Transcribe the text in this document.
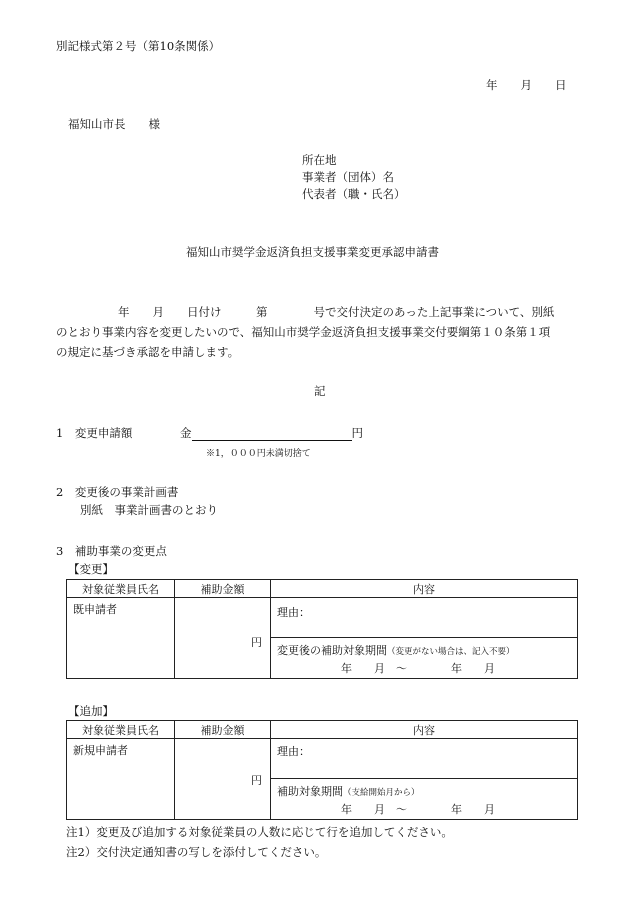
別記様式第２号（第10条関係）
年　　月　　日
福知山市長　　様
所在地
事業者（団体）名
代表者（職・氏名）
福知山市奨学金返済負担支援事業変更承認申請書
年　　月　　日付け　　　第　　　　号で交付決定のあった上記事業について、別紙
のとおり事業内容を変更したいので、福知山市奨学金返済負担支援事業交付要綱第１０条第１項
の規定に基づき承認を申請します。
記
1　変更申請額	金	円
※1，０００円未満切捨て
2　変更後の事業計画書
別紙　事業計画書のとおり
3　補助事業の変更点
【変更】
対象従業員氏名	補助金額	内容

既申請者	円	理由：
変更後の補助対象期間（変更がない場合は、記入不要）
年　　月　～　　　　年　　月
【追加】
対象従業員氏名	補助金額	内容

新規申請者	円	理由：
補助対象期間（支給開始月から）
年　　月　～　　　　年　　月
注1）変更及び追加する対象従業員の人数に応じて行を追加してください。
注2）交付決定通知書の写しを添付してください。
